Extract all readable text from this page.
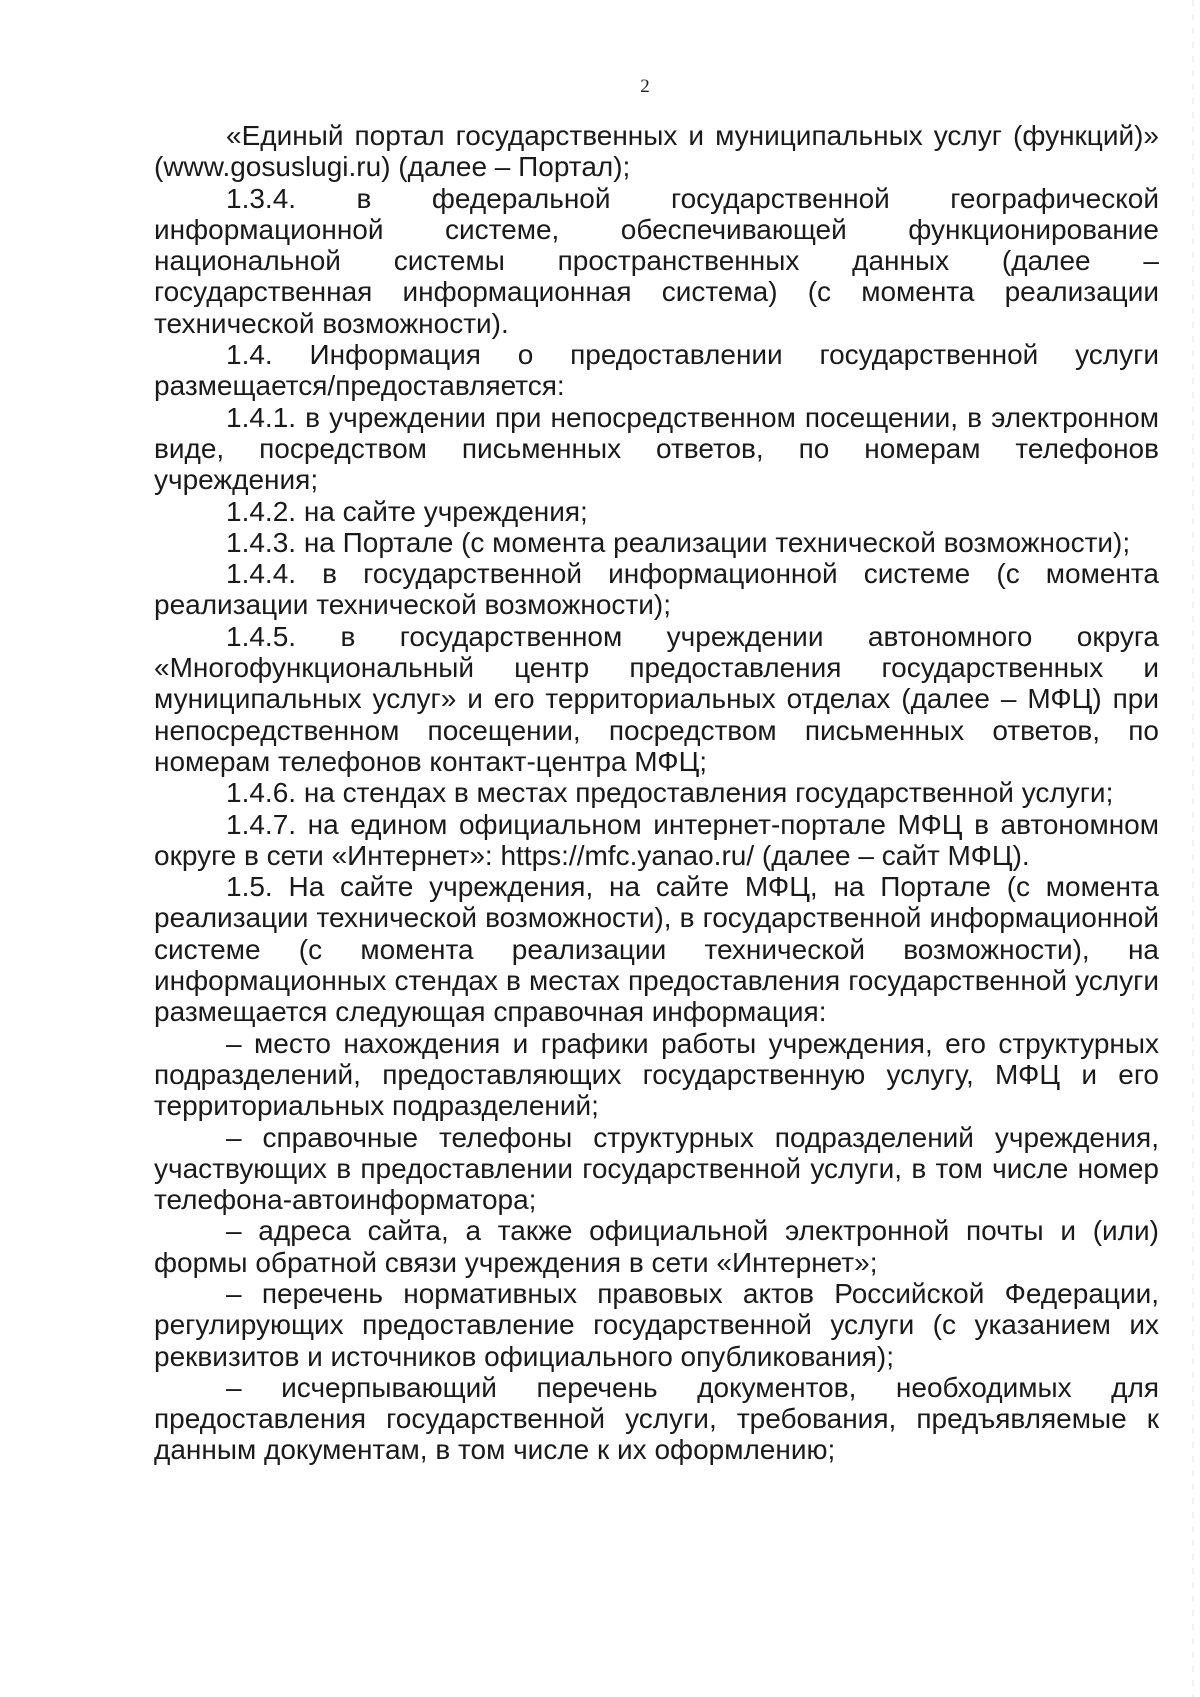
2

«Единый портал государственных и муниципальных услуг (функций)» (www.gosuslugi.ru) (далее – Портал);

1.3.4. в федеральной государственной географической информационной системе, обеспечивающей функционирование национальной системы пространственных данных (далее – государственная информационная система) (с момента реализации технической возможности).

1.4. Информация о предоставлении государственной услуги размещается/предоставляется:

1.4.1. в учреждении при непосредственном посещении, в электронном виде, посредством письменных ответов, по номерам телефонов учреждения;

1.4.2. на сайте учреждения;

1.4.3. на Портале (с момента реализации технической возможности);

1.4.4. в государственной информационной системе (с момента реализации технической возможности);

1.4.5. в государственном учреждении автономного округа «Многофункциональный центр предоставления государственных и муниципальных услуг» и его территориальных отделах (далее – МФЦ) при непосредственном посещении, посредством письменных ответов, по номерам телефонов контакт-центра МФЦ;

1.4.6. на стендах в местах предоставления государственной услуги;

1.4.7. на едином официальном интернет-портале МФЦ в автономном округе в сети «Интернет»: https://mfc.yanao.ru/ (далее – сайт МФЦ).

1.5. На сайте учреждения, на сайте МФЦ, на Портале (с момента реализации технической возможности), в государственной информационной системе (с момента реализации технической возможности), на информационных стендах в местах предоставления государственной услуги размещается следующая справочная информация:

– место нахождения и графики работы учреждения, его структурных подразделений, предоставляющих государственную услугу, МФЦ и его территориальных подразделений;

– справочные телефоны структурных подразделений учреждения, участвующих в предоставлении государственной услуги, в том числе номер телефона-автоинформатора;

– адреса сайта, а также официальной электронной почты и (или) формы обратной связи учреждения в сети «Интернет»;

– перечень нормативных правовых актов Российской Федерации, регулирующих предоставление государственной услуги (с указанием их реквизитов и источников официального опубликования);

– исчерпывающий перечень документов, необходимых для предоставления государственной услуги, требования, предъявляемые к данным документам, в том числе к их оформлению;
